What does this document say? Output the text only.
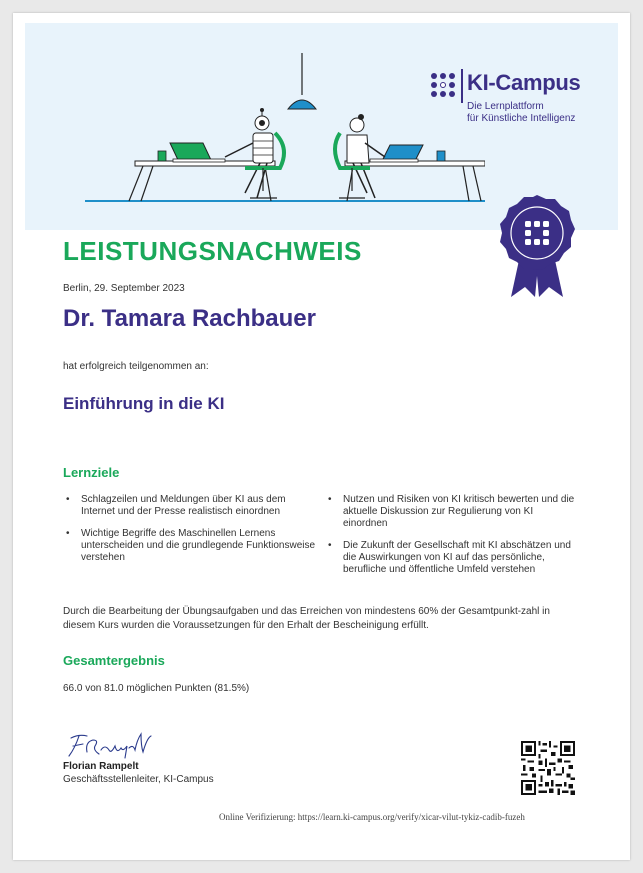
KI-Campus
Die Lernplattform
für Künstliche Intelligenz
LEISTUNGSNACHWEIS
Berlin, 29. September 2023
Dr. Tamara Rachbauer
hat erfolgreich teilgenommen an:
Einführung in die KI
Lernziele
• Schlagzeilen und Meldungen über KI aus dem Internet und der Presse realistisch einordnen
• Wichtige Begriffe des Maschinellen Lernens unterscheiden und die grundlegende Funktionsweise verstehen
• Nutzen und Risiken von KI kritisch bewerten und die aktuelle Diskussion zur Regulierung von KI einordnen
• Die Zukunft der Gesellschaft mit KI abschätzen und die Auswirkungen von KI auf das persönliche, berufliche und öffentliche Umfeld verstehen
Durch die Bearbeitung der Übungsaufgaben und das Erreichen von mindestens 60% der Gesamtpunkt-zahl in diesem Kurs wurden die Voraussetzungen für den Erhalt der Bescheinigung erfüllt.
Gesamtergebnis
66.0 von 81.0 möglichen Punkten (81.5%)
Florian Rampelt
Geschäftsstellenleiter, KI-Campus
Online Verifizierung: https://learn.ki-campus.org/verify/xicar-vilut-tykiz-cadib-fuzeh
